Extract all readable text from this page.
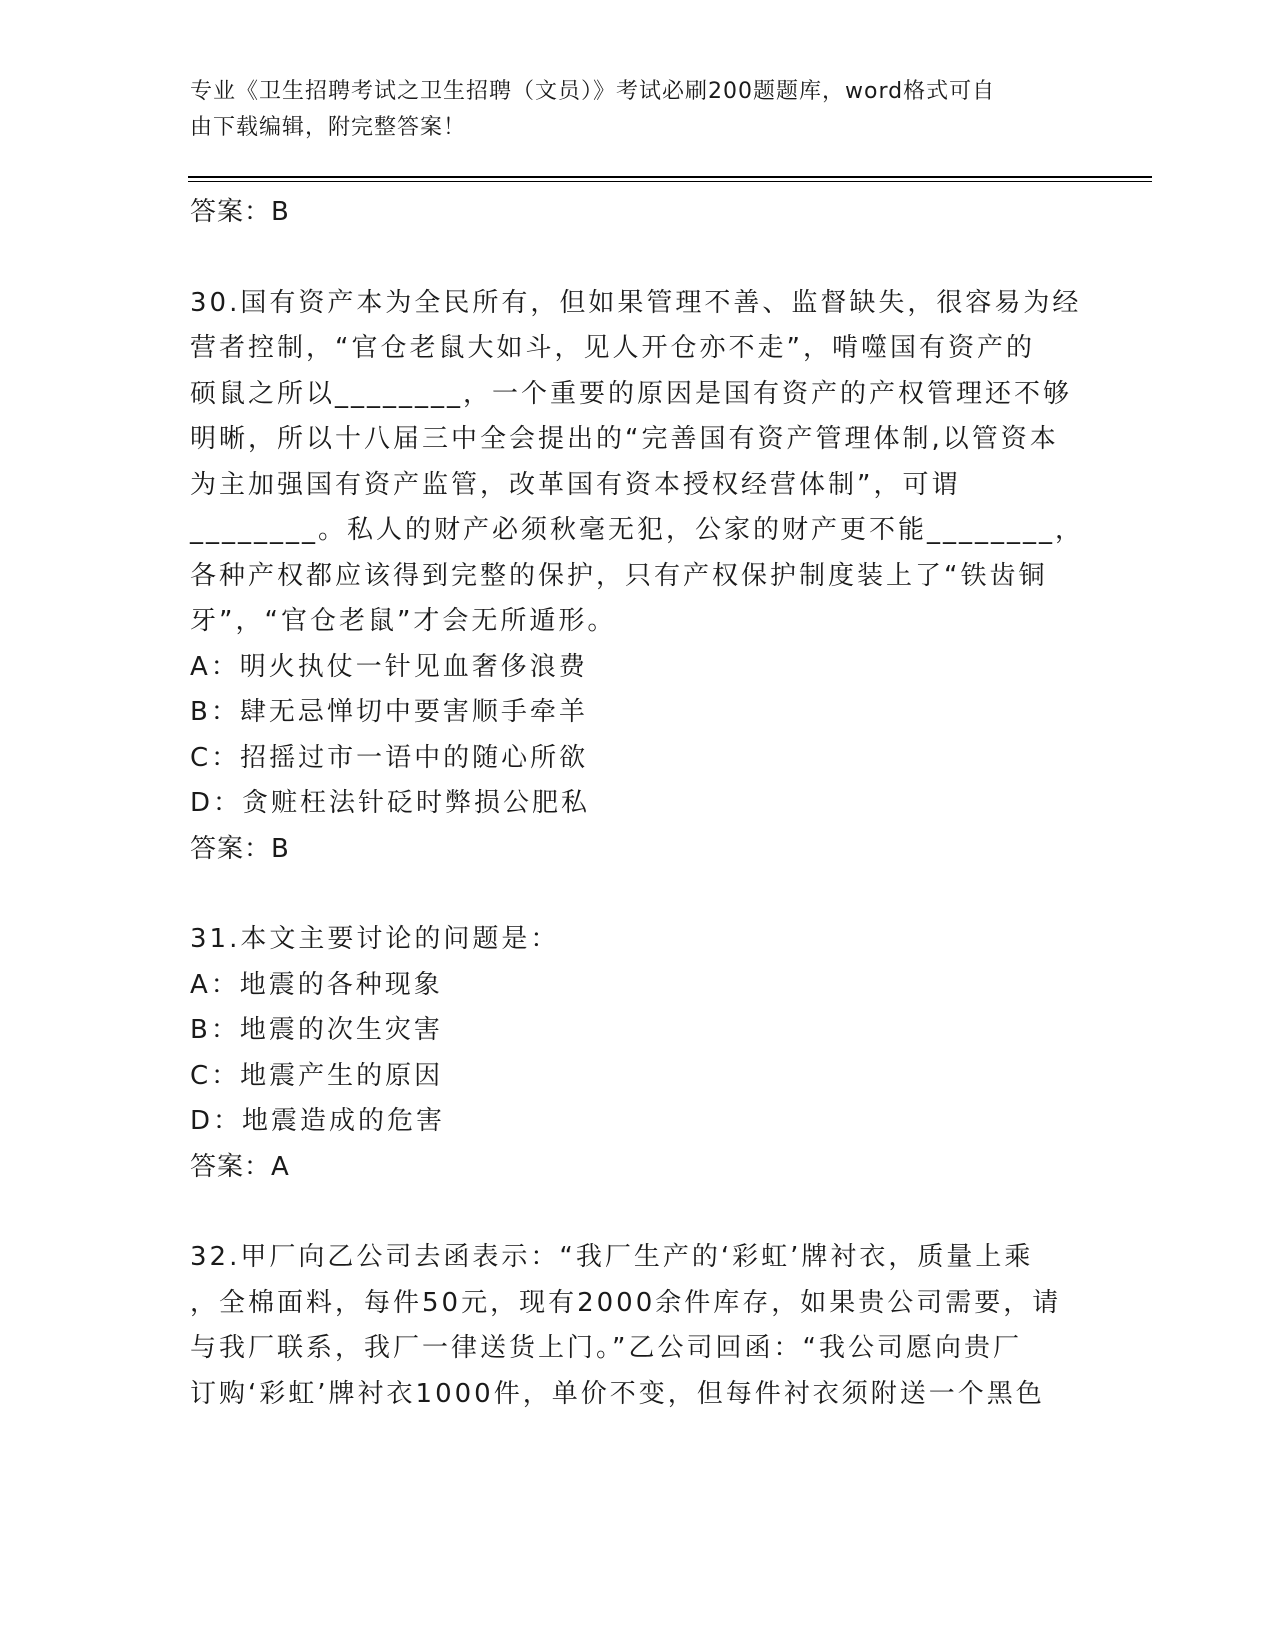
专业《卫生招聘考试之卫生招聘（文员）》考试必刷200题题库，word格式可自
由下载编辑，附完整答案！
答案：B
30.国有资产本为全民所有，但如果管理不善、监督缺失，很容易为经
营者控制，“官仓老鼠大如斗，见人开仓亦不走”，啃噬国有资产的
硕鼠之所以________，一个重要的原因是国有资产的产权管理还不够
明晰，所以十八届三中全会提出的“完善国有资产管理体制,以管资本
为主加强国有资产监管，改革国有资本授权经营体制”，可谓
________。私人的财产必须秋毫无犯，公家的财产更不能________，
各种产权都应该得到完整的保护，只有产权保护制度装上了“铁齿铜
牙”，“官仓老鼠”才会无所遁形。
A：明火执仗一针见血奢侈浪费
B：肆无忌惮切中要害顺手牵羊
C：招摇过市一语中的随心所欲
D：贪赃枉法针砭时弊损公肥私
答案：B
31.本文主要讨论的问题是：
A：地震的各种现象
B：地震的次生灾害
C：地震产生的原因
D：地震造成的危害
答案：A
32.甲厂向乙公司去函表示：“我厂生产的‘彩虹’牌衬衣，质量上乘
，全棉面料，每件50元，现有2000余件库存，如果贵公司需要，请
与我厂联系，我厂一律送货上门。”乙公司回函：“我公司愿向贵厂
订购‘彩虹’牌衬衣1000件，单价不变，但每件衬衣须附送一个黑色
